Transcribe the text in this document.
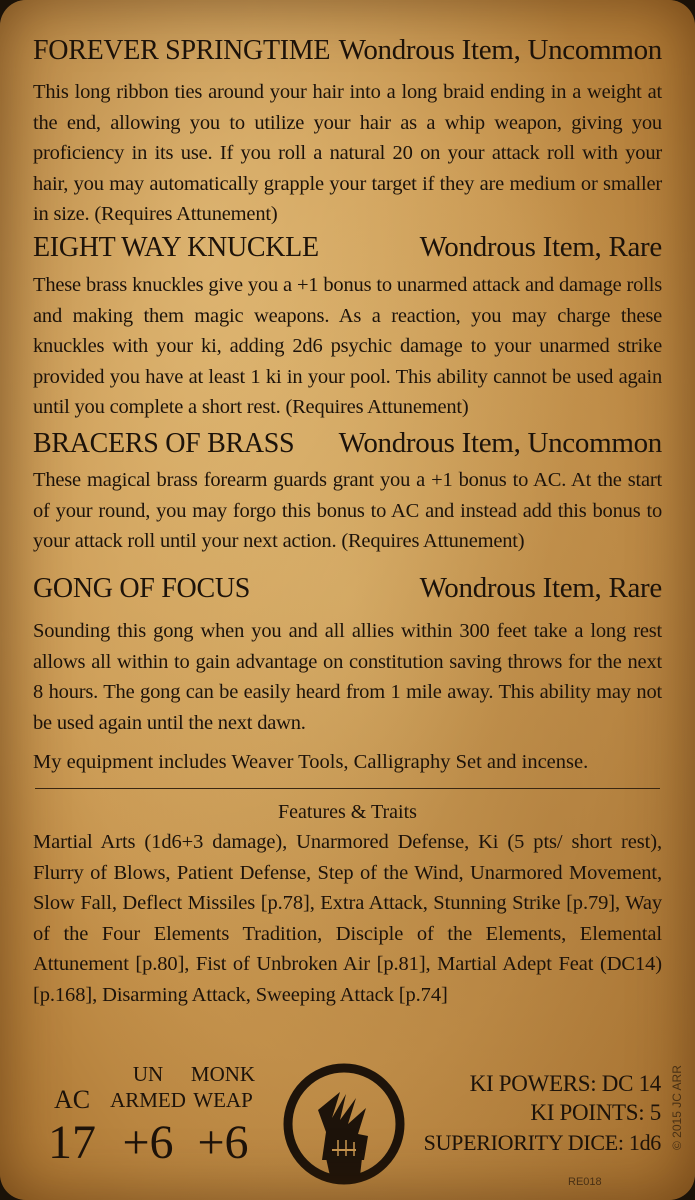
FOREVER SPRINGTIME Wondrous Item, Uncommon
This long ribbon ties around your hair into a long braid ending in a weight at the end, allowing you to utilize your hair as a whip weapon, giving you proficiency in its use. If you roll a natural 20 on your attack roll with your hair, you may automatically grapple your target if they are medium or smaller in size. (Requires Attunement)
EIGHT WAY KNUCKLE	Wondrous Item, Rare
These brass knuckles give you a +1 bonus to unarmed attack and damage rolls and making them magic weapons. As a reaction, you may charge these knuckles with your ki, adding 2d6 psychic damage to your unarmed strike provided you have at least 1 ki in your pool. This ability cannot be used again until you complete a short rest. (Requires Attunement)
BRACERS OF BRASS Wondrous Item, Uncommon
These magical brass forearm guards grant you a +1 bonus to AC. At the start of your round, you may forgo this bonus to AC and instead add this bonus to your attack roll until your next action. (Requires Attunement)
GONG OF FOCUS	Wondrous Item, Rare
Sounding this gong when you and all allies within 300 feet take a long rest allows all within to gain advantage on constitution saving throws for the next 8 hours. The gong can be easily heard from 1 mile away. This ability may not be used again until the next dawn.
My equipment includes Weaver Tools, Calligraphy Set and incense.
Features & Traits
Martial Arts (1d6+3 damage), Unarmored Defense, Ki (5 pts/ short rest), Flurry of Blows, Patient Defense, Step of the Wind, Unarmored Movement, Slow Fall, Deflect Missiles [p.78], Extra Attack, Stunning Strike [p.79], Way of the Four Elements Tradition, Disciple of the Elements, Elemental Attunement [p.80], Fist of Unbroken Air [p.81], Martial Adept Feat (DC14) [p.168], Disarming Attack, Sweeping Attack [p.74]
AC
17
UN
ARMED
+6
MONK
WEAP
+6
KI POWERS: DC 14
KI POINTS: 5
SUPERIORITY DICE: 1d6 © 2015 JC ARR
RE018
